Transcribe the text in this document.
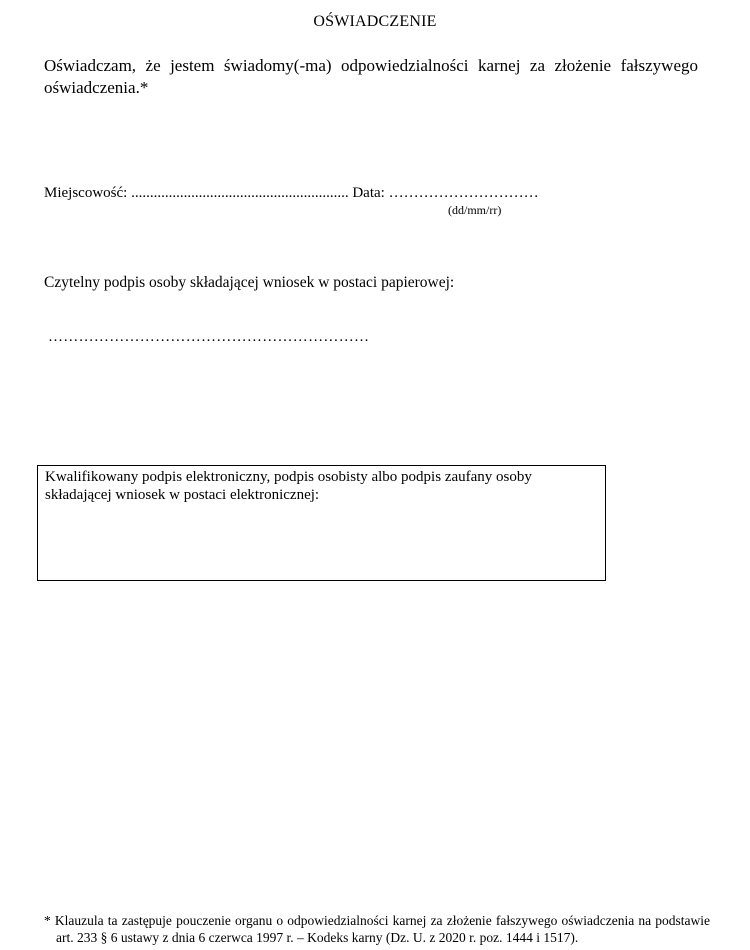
OŚWIADCZENIE
Oświadczam, że jestem świadomy(-ma) odpowiedzialności karnej za złożenie fałszywego oświadczenia.*
Miejscowość: .......................................................... Data: …………………………
(dd/mm/rr)
Czytelny podpis osoby składającej wniosek w postaci papierowej:
………………………………………………………
Kwalifikowany podpis elektroniczny, podpis osobisty albo podpis zaufany osoby składającej wniosek w postaci elektronicznej:
* Klauzula ta zastępuje pouczenie organu o odpowiedzialności karnej za złożenie fałszywego oświadczenia na podstawie art. 233 § 6 ustawy z dnia 6 czerwca 1997 r. – Kodeks karny (Dz. U. z 2020 r. poz. 1444 i 1517).
